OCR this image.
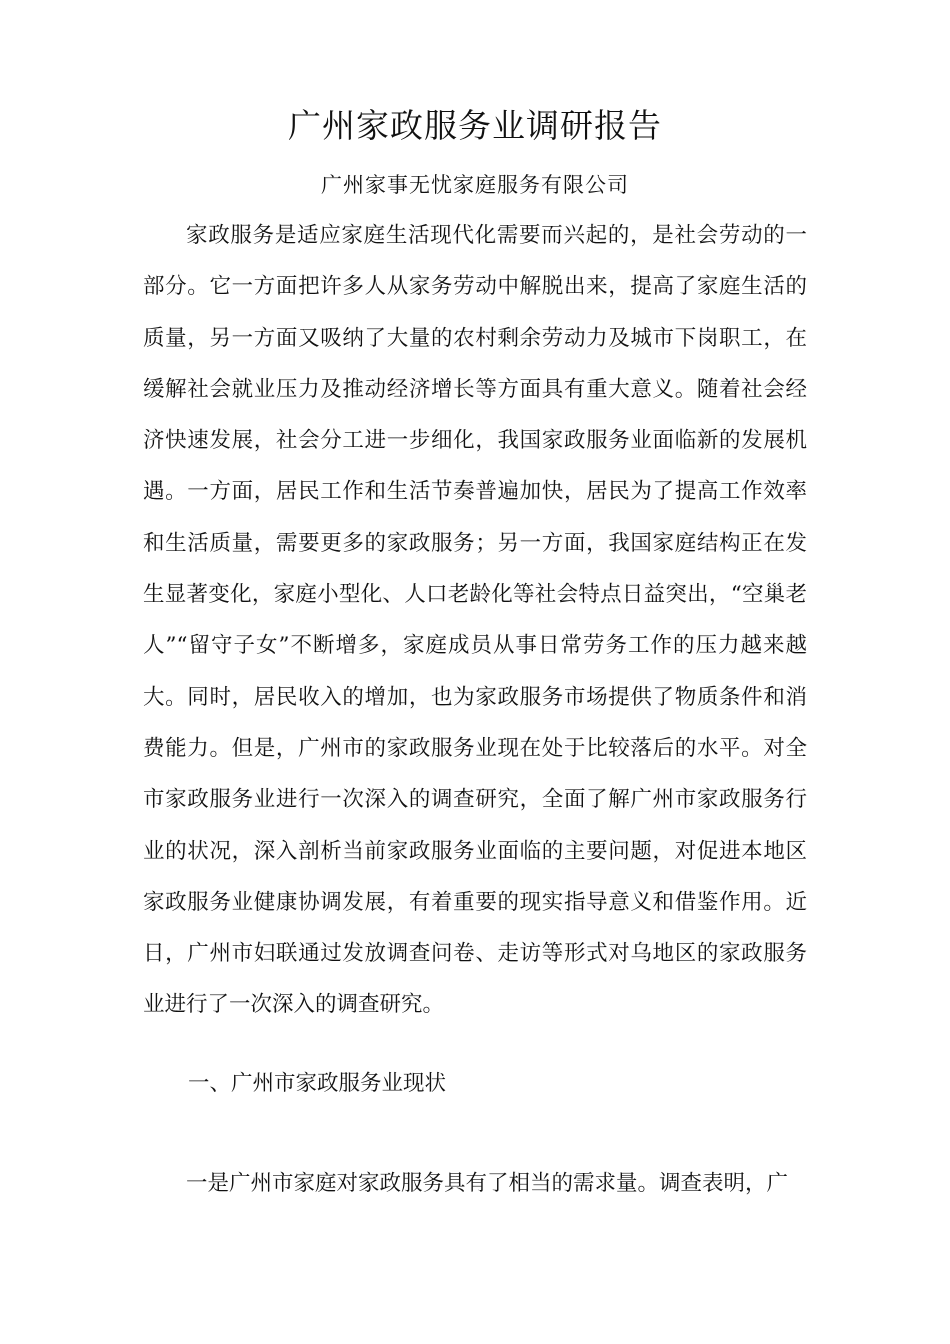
广州家政服务业调研报告
广州家事无忧家庭服务有限公司

家政服务是适应家庭生活现代化需要而兴起的，是社会劳动的一部分。它一方面把许多人从家务劳动中解脱出来，提高了家庭生活的质量，另一方面又吸纳了大量的农村剩余劳动力及城市下岗职工，在缓解社会就业压力及推动经济增长等方面具有重大意义。随着社会经济快速发展，社会分工进一步细化，我国家政服务业面临新的发展机遇。一方面，居民工作和生活节奏普遍加快，居民为了提高工作效率和生活质量，需要更多的家政服务；另一方面，我国家庭结构正在发生显著变化，家庭小型化、人口老龄化等社会特点日益突出，“空巢老人”“留守子女”不断增多，家庭成员从事日常劳务工作的压力越来越大。同时，居民收入的增加，也为家政服务市场提供了物质条件和消费能力。但是，广州市的家政服务业现在处于比较落后的水平。对全市家政服务业进行一次深入的调查研究，全面了解广州市家政服务行业的状况，深入剖析当前家政服务业面临的主要问题，对促进本地区家政服务业健康协调发展，有着重要的现实指导意义和借鉴作用。近日，广州市妇联通过发放调查问卷、走访等形式对乌地区的家政服务业进行了一次深入的调查研究。

一、广州市家政服务业现状

一是广州市家庭对家政服务具有了相当的需求量。调查表明，广
